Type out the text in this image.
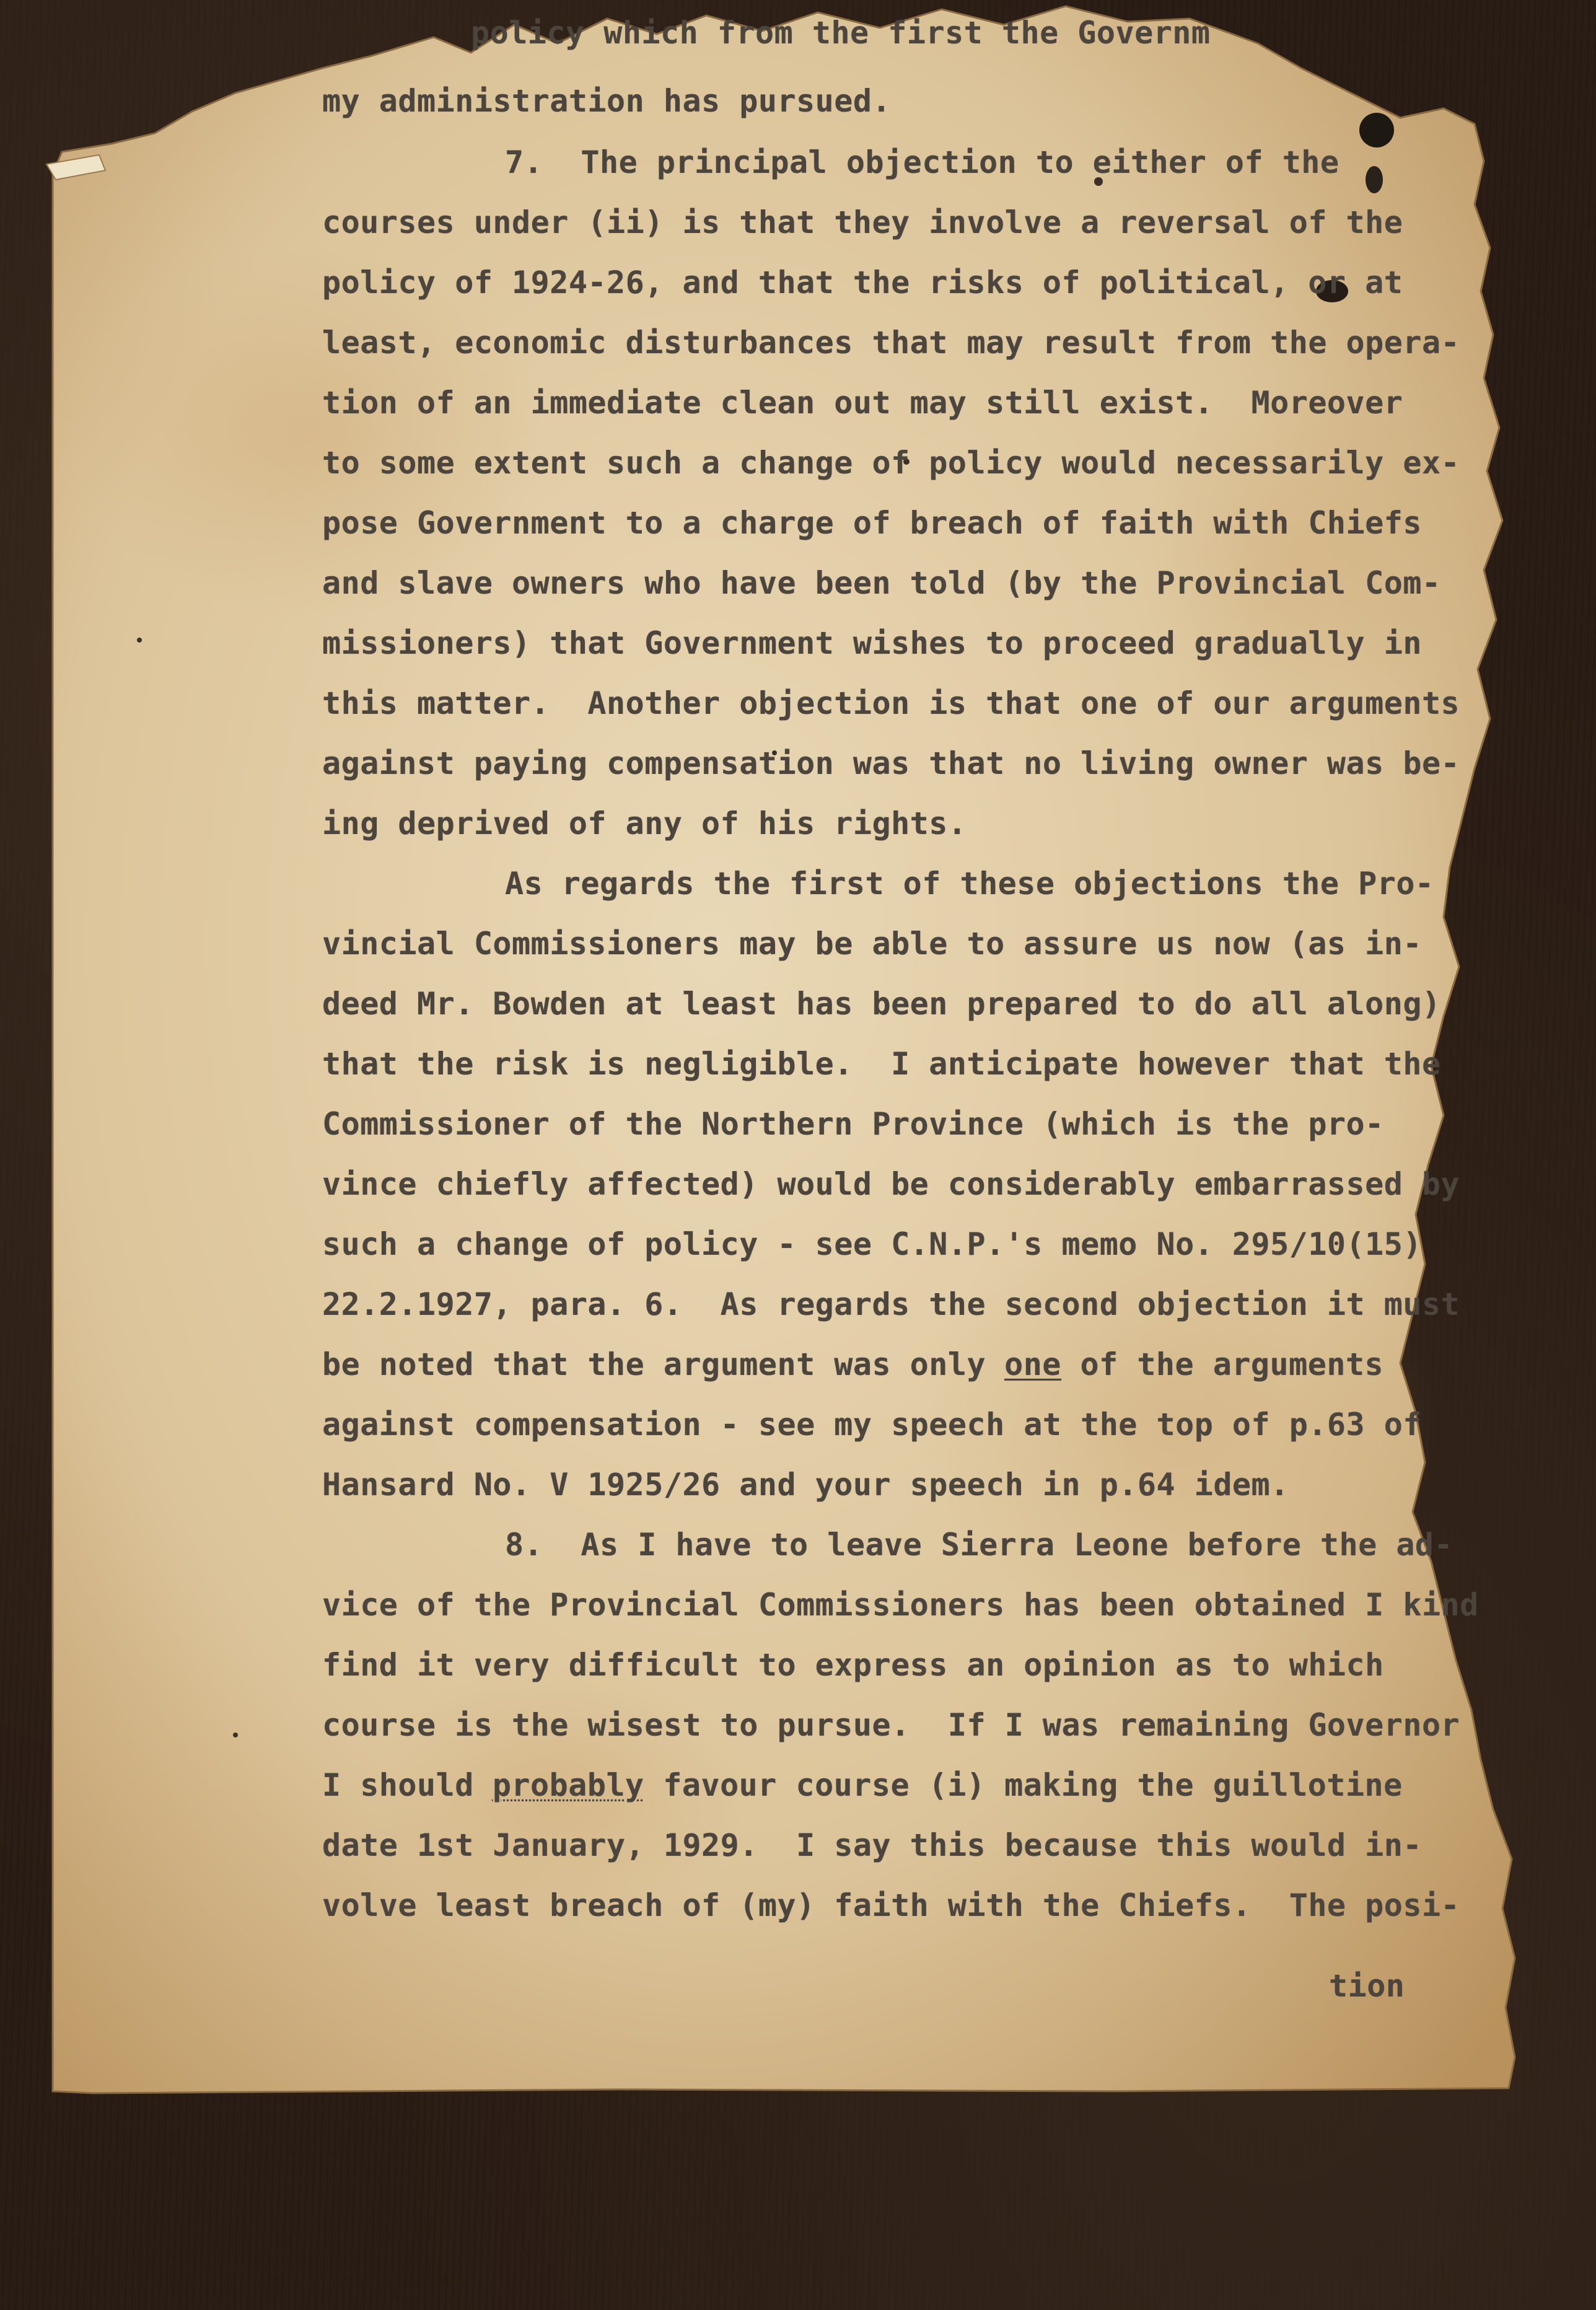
policy which from the first the Governm
my administration has pursued.
7.  The principal objection to either of the
courses under (ii) is that they involve a reversal of the
policy of 1924-26, and that the risks of political, or at
least, economic disturbances that may result from the opera-
tion of an immediate clean out may still exist.  Moreover
to some extent such a change of policy would necessarily ex-
pose Government to a charge of breach of faith with Chiefs
and slave owners who have been told (by the Provincial Com-
missioners) that Government wishes to proceed gradually in
this matter.  Another objection is that one of our arguments
against paying compensation was that no living owner was be-
ing deprived of any of his rights.
As regards the first of these objections the Pro-
vincial Commissioners may be able to assure us now (as in-
deed Mr. Bowden at least has been prepared to do all along)
that the risk is negligible.  I anticipate however that the
Commissioner of the Northern Province (which is the pro-
vince chiefly affected) would be considerably embarrassed by
such a change of policy - see C.N.P.'s memo No. 295/10(15)
22.2.1927, para. 6.  As regards the second objection it must
be noted that the argument was only one of the arguments
against compensation - see my speech at the top of p.63 of
Hansard No. V 1925/26 and your speech in p.64 idem.
8.  As I have to leave Sierra Leone before the ad-
vice of the Provincial Commissioners has been obtained I kind
find it very difficult to express an opinion as to which
course is the wisest to pursue.  If I was remaining Governor
I should probably favour course (i) making the guillotine
date 1st January, 1929.  I say this because this would in-
volve least breach of (my) faith with the Chiefs.  The posi-
tion
